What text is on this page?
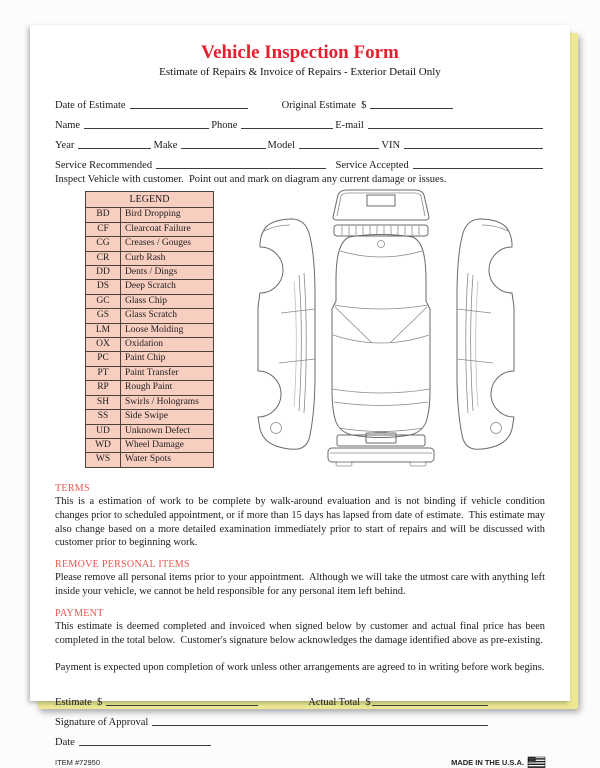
Vehicle Inspection Form
Estimate of Repairs & Invoice of Repairs - Exterior Detail Only
Date of Estimate	Original Estimate  $
Name	Phone	E-mail
Year	Make	Model	VIN
Service Recommended	Service Accepted
Inspect Vehicle with customer.  Point out and mark on diagram any current damage or issues.
LEGEND	
BD	Bird Dropping
CF	Clearcoat Failure
CG	Creases / Gouges
CR	Curb Rash
DD	Dents / Dings
DS	Deep Scratch
GC	Glass Chip
GS	Glass Scratch
LM	Loose Molding
OX	Oxidation
PC	Paint Chip
PT	Paint Transfer
RP	Rough Paint
SH	Swirls / Holograms
SS	Side Swipe
UD	Unknown Defect
WD	Wheel Damage
WS	Water Spots
TERMS
This is a estimation of work to be complete by walk-around evaluation and is not binding if vehicle condition changes prior to scheduled appointment, or if more than 15 days has lapsed from date of estimate.  This estimate may also change based on a more detailed examination immediately prior to start of repairs and will be discussed with customer prior to beginning work.
REMOVE PERSONAL ITEMS
Please remove all personal items prior to your appointment.  Although we will take the utmost care with anything left inside your vehicle, we cannot be held responsible for any personal item left behind.
PAYMENT
This estimate is deemed completed and invoiced when signed below by customer and actual final price has been completed in the total below.  Customer's signature below acknowledges the damage identified above as pre-existing.
Payment is expected upon completion of work unless other arrangements are agreed to in writing before work begins.
Estimate  $	Actual Total  $
Signature of Approval
Date
ITEM #72950	MADE IN THE U.S.A.
